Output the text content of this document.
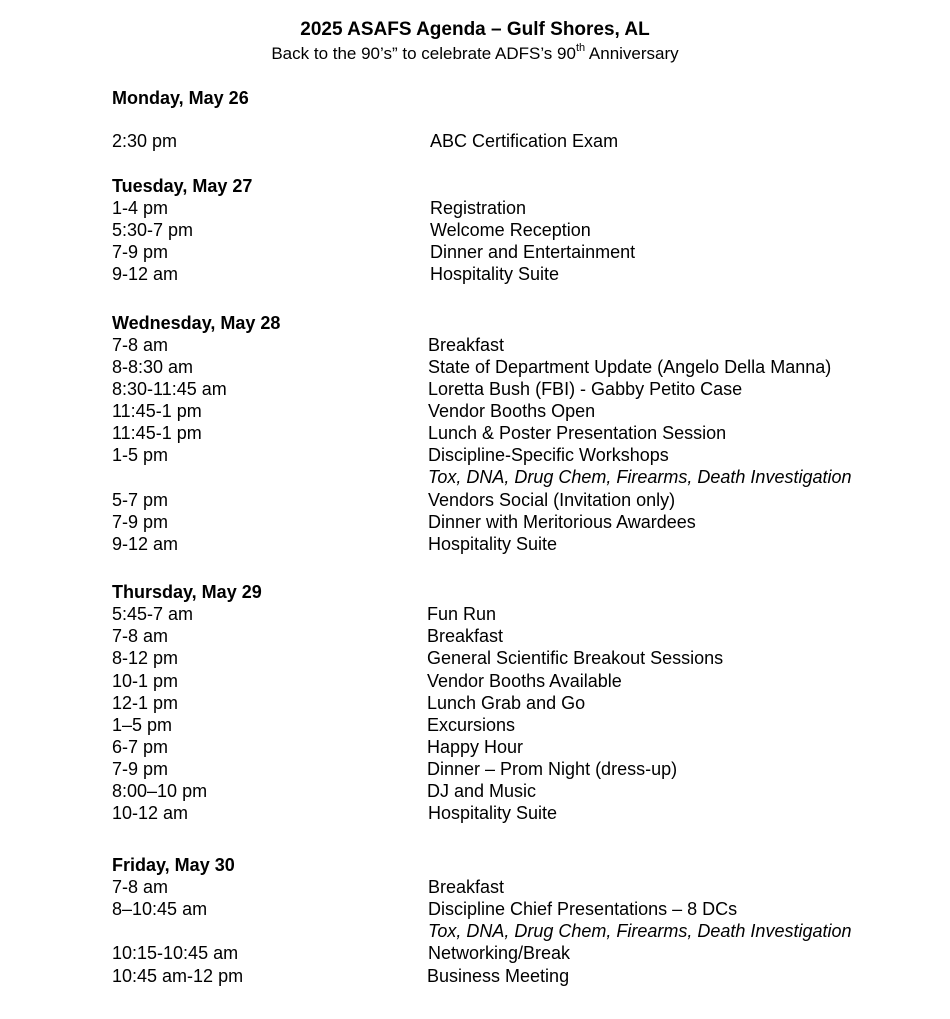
2025 ASAFS Agenda – Gulf Shores, AL
Back to the 90’s” to celebrate ADFS’s 90th Anniversary
Monday, May 26
2:30 pm	ABC Certification Exam
Tuesday, May 27
1-4 pm	Registration
5:30-7 pm	Welcome Reception
7-9 pm	Dinner and Entertainment
9-12 am	Hospitality Suite
Wednesday, May 28
7-8 am	Breakfast
8-8:30 am	State of Department Update (Angelo Della Manna)
8:30-11:45 am	Loretta Bush (FBI) - Gabby Petito Case
11:45-1 pm	Vendor Booths Open
11:45-1 pm	Lunch & Poster Presentation Session
1-5 pm	Discipline-Specific Workshops
Tox, DNA, Drug Chem, Firearms, Death Investigation
5-7 pm	Vendors Social (Invitation only)
7-9 pm	Dinner with Meritorious Awardees
9-12 am	Hospitality Suite
Thursday, May 29
5:45-7 am	Fun Run
7-8 am	Breakfast
8-12 pm	General Scientific Breakout Sessions
10-1 pm	Vendor Booths Available
12-1 pm	Lunch Grab and Go
1–5 pm	Excursions
6-7 pm	Happy Hour
7-9 pm	Dinner – Prom Night (dress-up)
8:00–10 pm	DJ and Music
10-12 am	Hospitality Suite
Friday, May 30
7-8 am	Breakfast
8–10:45 am	Discipline Chief Presentations – 8 DCs
Tox, DNA, Drug Chem, Firearms, Death Investigation
10:15-10:45 am	Networking/Break
10:45 am-12 pm	Business Meeting
